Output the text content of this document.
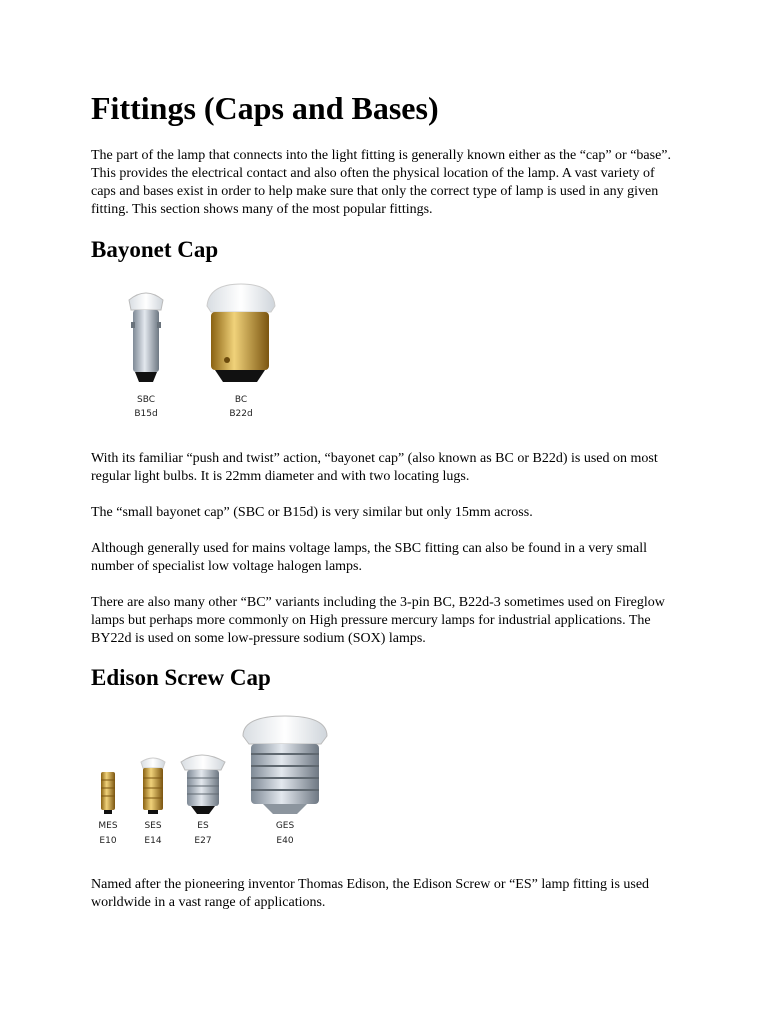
Fittings (Caps and Bases)

The part of the lamp that connects into the light fitting is generally known either as the “cap” or “base”. This provides the electrical contact and also often the physical location of the lamp. A vast variety of caps and bases exist in order to help make sure that only the correct type of lamp is used in any given fitting. This section shows many of the most popular fittings.

Bayonet Cap
SBC
B15d
BC
B22d

With its familiar “push and twist” action, “bayonet cap” (also known as BC or B22d) is used on most regular light bulbs. It is 22mm diameter and with two locating lugs.

The “small bayonet cap” (SBC or B15d) is very similar but only 15mm across.

Although generally used for mains voltage lamps, the SBC fitting can also be found in a very small number of specialist low voltage halogen lamps.

There are also many other “BC” variants including the 3-pin BC, B22d-3 sometimes used on Fireglow lamps but perhaps more commonly on High pressure mercury lamps for industrial applications. The BY22d is used on some low-pressure sodium (SOX) lamps.

Edison Screw Cap
MES
E10
SES
E14
ES
E27
GES
E40

Named after the pioneering inventor Thomas Edison, the Edison Screw or “ES” lamp fitting is used worldwide in a vast range of applications.
